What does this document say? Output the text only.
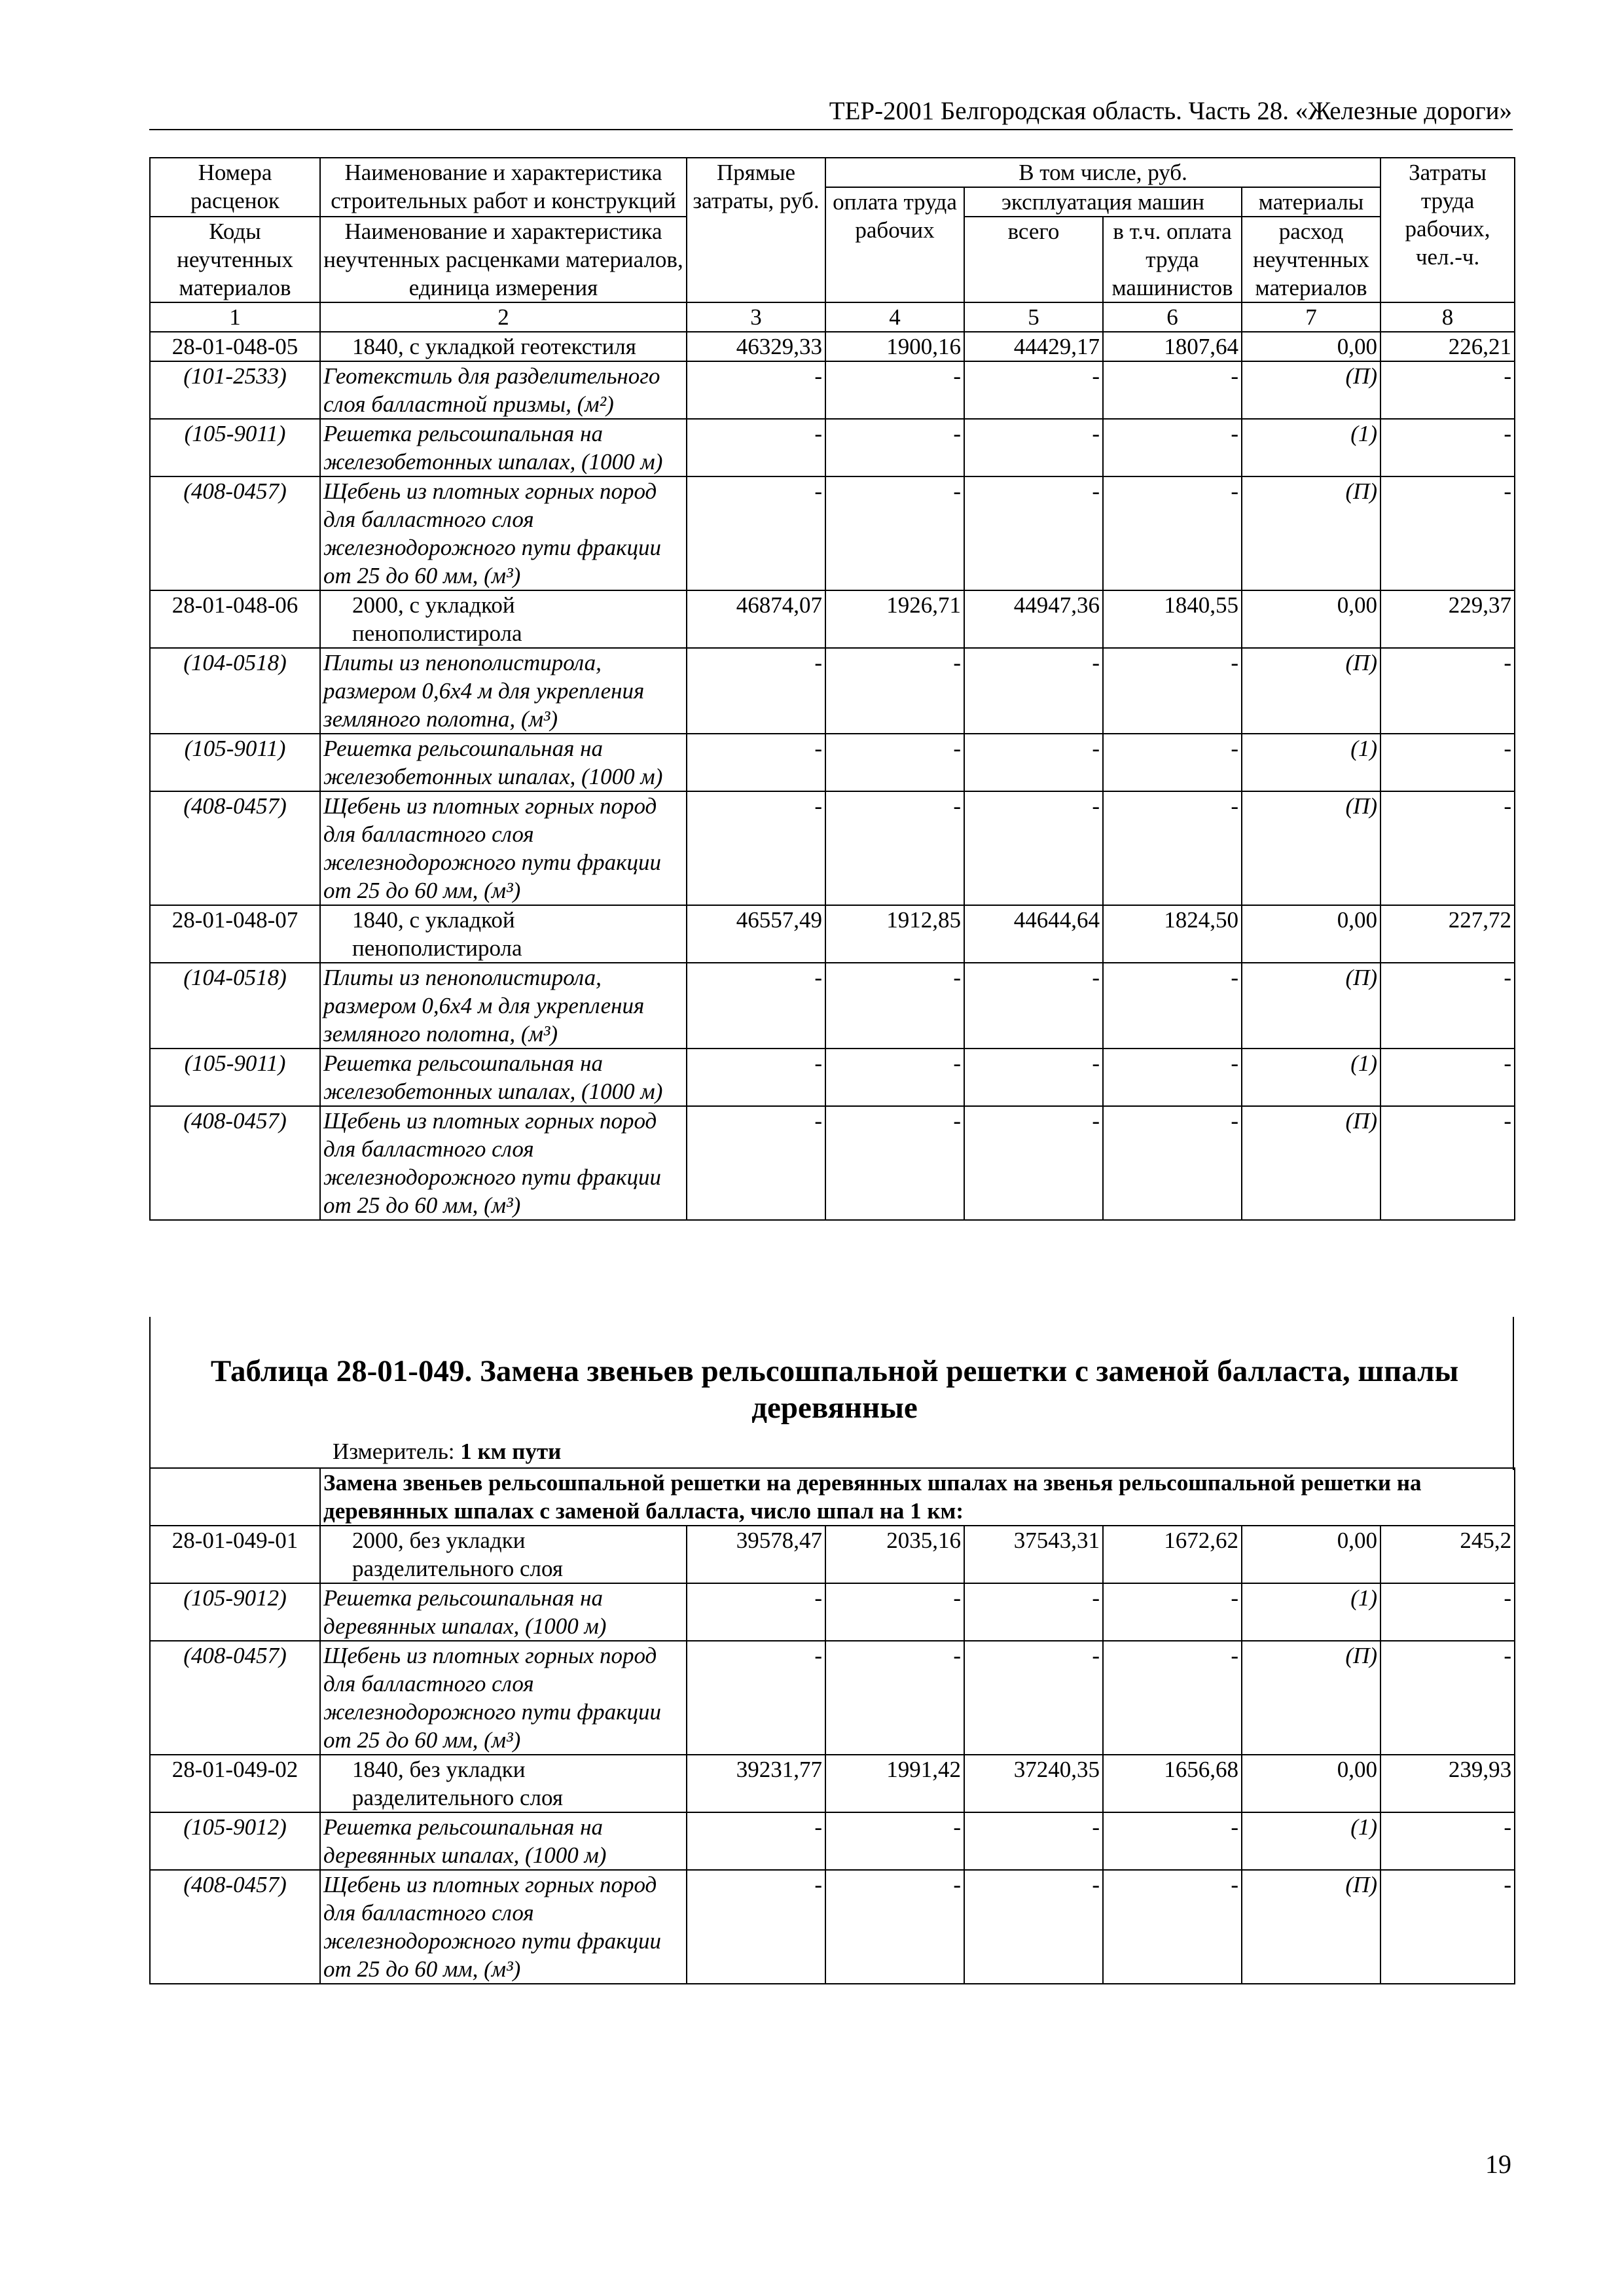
ТЕР-2001 Белгородская область. Часть 28. «Железные дороги»
Номера расценок	Наименование и характеристика строительных работ и конструкций	Прямые затраты, руб.	В том числе, руб.				Затраты труда рабочих, чел.-ч.
			оплата труда рабочих	эксплуатация машин		материалы	
Коды неучтенных материалов	Наименование и характеристика неучтенных расценками материалов, единица измерения			всего	в т.ч. оплата труда машинистов	расход неучтенных материалов	

1	2	3	4	5	6	7	8
28-01-048-05	1840, с укладкой геотекстиля	46329,33	1900,16	44429,17	1807,64	0,00	226,21
(101-2533)	Геотекстиль для разделительного слоя балластной призмы, (м²)	-	-	-	-	(П)	-
(105-9011)	Решетка рельсошпальная на железобетонных шпалах, (1000 м)	-	-	-	-	(1)	-
(408-0457)	Щебень из плотных горных пород для балластного слоя железнодорожного пути фракции от 25 до 60 мм, (м³)	-	-	-	-	(П)	-
28-01-048-06	2000, с укладкой пенополистирола	46874,07	1926,71	44947,36	1840,55	0,00	229,37
(104-0518)	Плиты из пенополистирола, размером 0,6х4 м для укрепления земляного полотна, (м³)	-	-	-	-	(П)	-
(105-9011)	Решетка рельсошпальная на железобетонных шпалах, (1000 м)	-	-	-	-	(1)	-
(408-0457)	Щебень из плотных горных пород для балластного слоя железнодорожного пути фракции от 25 до 60 мм, (м³)	-	-	-	-	(П)	-
28-01-048-07	1840, с укладкой пенополистирола	46557,49	1912,85	44644,64	1824,50	0,00	227,72
(104-0518)	Плиты из пенополистирола, размером 0,6х4 м для укрепления земляного полотна, (м³)	-	-	-	-	(П)	-
(105-9011)	Решетка рельсошпальная на железобетонных шпалах, (1000 м)	-	-	-	-	(1)	-
(408-0457)	Щебень из плотных горных пород для балластного слоя железнодорожного пути фракции от 25 до 60 мм, (м³)	-	-	-	-	(П)	-
Таблица 28-01-049. Замена звеньев рельсошпальной решетки с заменой балласта, шпалы деревянные
Измеритель: 1 км пути
	Замена звеньев рельсошпальной решетки на деревянных шпалах на звенья рельсошпальной решетки на деревянных шпалах с заменой балласта, число шпал на 1 км:						
28-01-049-01	2000, без укладки разделительного слоя	39578,47	2035,16	37543,31	1672,62	0,00	245,2
(105-9012)	Решетка рельсошпальная на деревянных шпалах, (1000 м)	-	-	-	-	(1)	-
(408-0457)	Щебень из плотных горных пород для балластного слоя железнодорожного пути фракции от 25 до 60 мм, (м³)	-	-	-	-	(П)	-
28-01-049-02	1840, без укладки разделительного слоя	39231,77	1991,42	37240,35	1656,68	0,00	239,93
(105-9012)	Решетка рельсошпальная на деревянных шпалах, (1000 м)	-	-	-	-	(1)	-
(408-0457)	Щебень из плотных горных пород для балластного слоя железнодорожного пути фракции от 25 до 60 мм, (м³)	-	-	-	-	(П)	-
19
